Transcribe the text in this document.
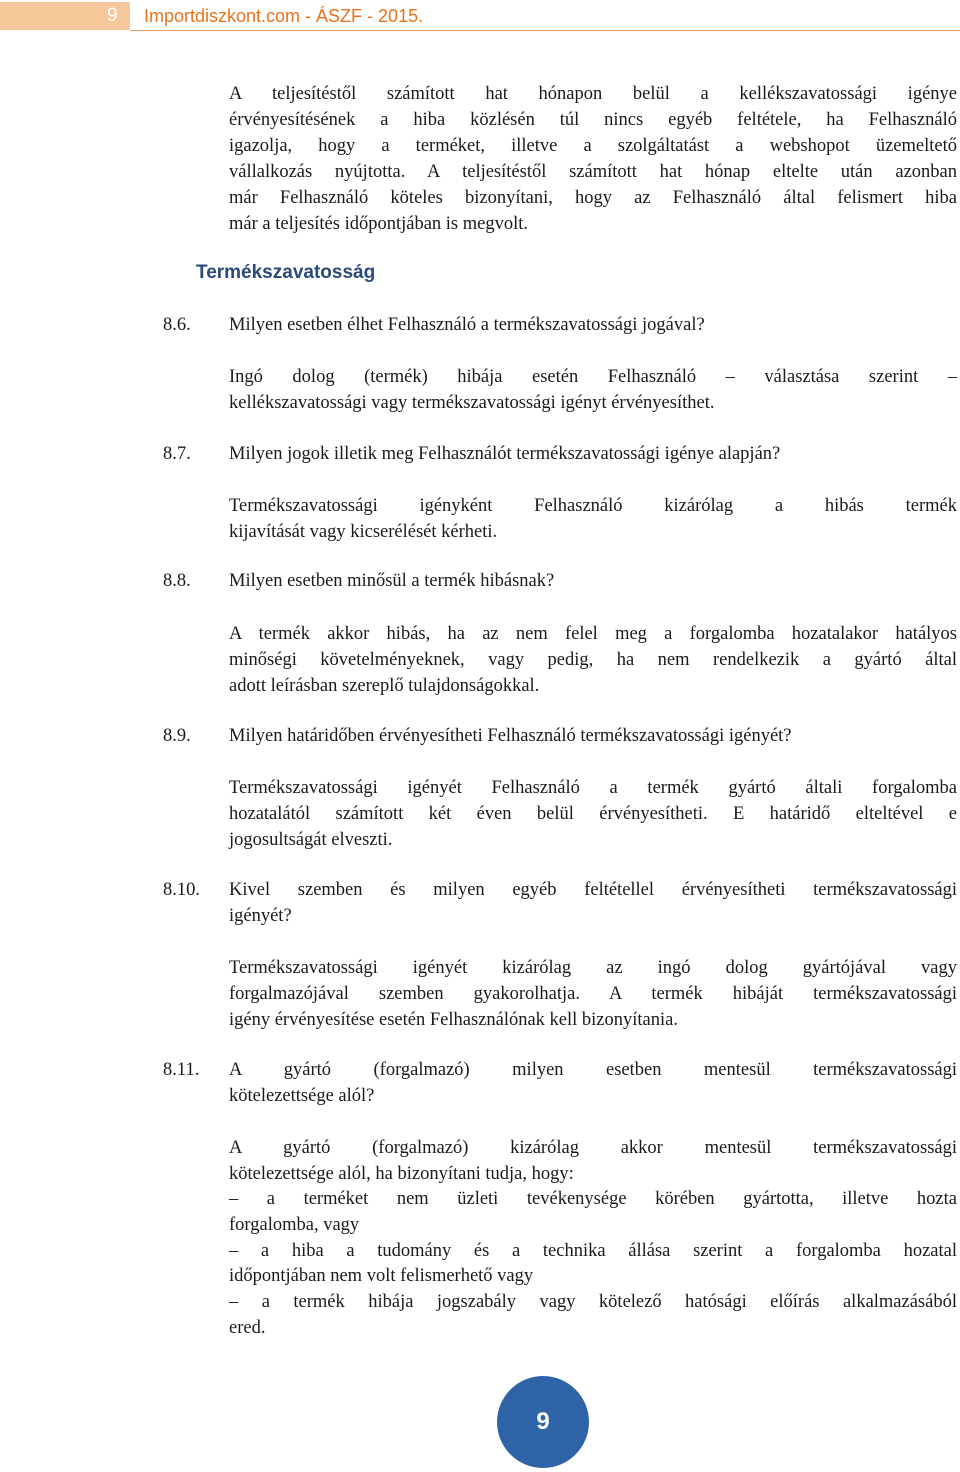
9	Importdiszkont.com - ÁSZF - 2015.
A teljesítéstől számított hat hónapon belül a kellékszavatossági igénye
érvényesítésének a hiba közlésén túl nincs egyéb feltétele, ha Felhasználó
igazolja, hogy a terméket, illetve a szolgáltatást a webshopot üzemeltető
vállalkozás nyújtotta. A teljesítéstől számított hat hónap eltelte után azonban
már Felhasználó köteles bizonyítani, hogy az Felhasználó által felismert hiba
már a teljesítés időpontjában is megvolt.
Termékszavatosság
8.6. Milyen esetben élhet Felhasználó a termékszavatossági jogával?
Ingó dolog (termék) hibája esetén Felhasználó – választása szerint –
kellékszavatossági vagy termékszavatossági igényt érvényesíthet.
8.7. Milyen jogok illetik meg Felhasználót termékszavatossági igénye alapján?
Termékszavatossági igényként Felhasználó kizárólag a hibás termék
kijavítását vagy kicserélését kérheti.
8.8. Milyen esetben minősül a termék hibásnak?
A termék akkor hibás, ha az nem felel meg a forgalomba hozatalakor hatályos
minőségi követelményeknek, vagy pedig, ha nem rendelkezik a gyártó által
adott leírásban szereplő tulajdonságokkal.
8.9. Milyen határidőben érvényesítheti Felhasználó termékszavatossági igényét?
Termékszavatossági igényét Felhasználó a termék gyártó általi forgalomba
hozatalától számított két éven belül érvényesítheti. E határidő elteltével e
jogosultságát elveszti.
8.10. Kivel szemben és milyen egyéb feltétellel érvényesítheti termékszavatossági
igényét?
Termékszavatossági igényét kizárólag az ingó dolog gyártójával vagy
forgalmazójával szemben gyakorolhatja. A termék hibáját termékszavatossági
igény érvényesítése esetén Felhasználónak kell bizonyítania.
8.11. A gyártó (forgalmazó) milyen esetben mentesül termékszavatossági
kötelezettsége alól?
A gyártó (forgalmazó) kizárólag akkor mentesül termékszavatossági
kötelezettsége alól, ha bizonyítani tudja, hogy:
– a terméket nem üzleti tevékenysége körében gyártotta, illetve hozta
forgalomba, vagy
– a hiba a tudomány és a technika állása szerint a forgalomba hozatal
időpontjában nem volt felismerhető vagy
– a termék hibája jogszabály vagy kötelező hatósági előírás alkalmazásából
ered.
9
